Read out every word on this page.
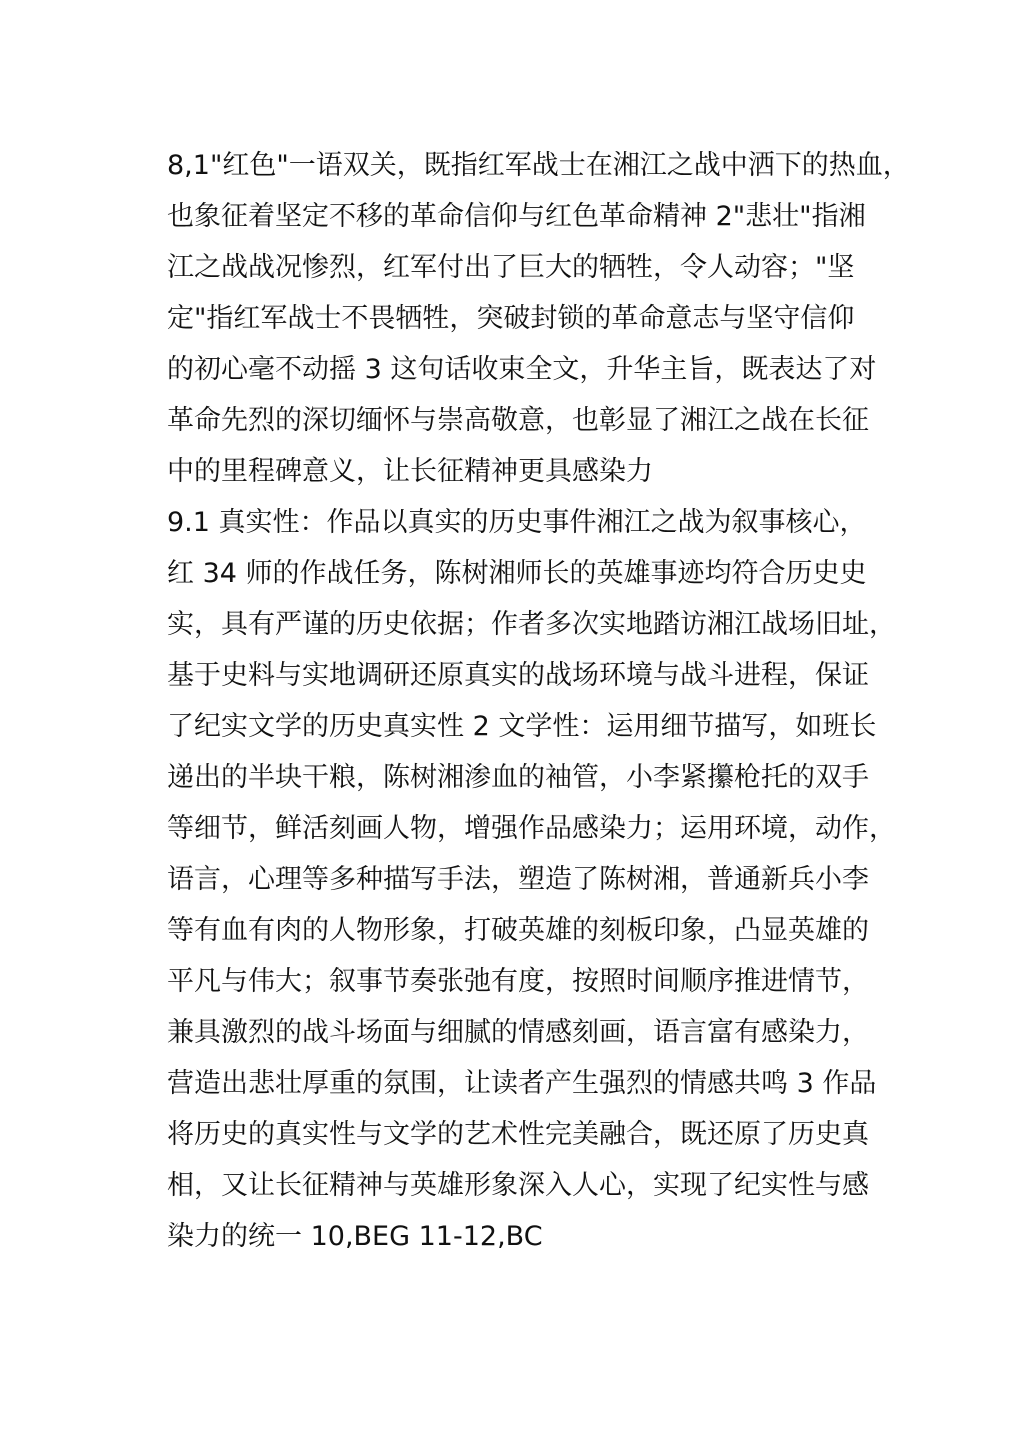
8,1"红色"一语双关，既指红军战士在湘江之战中洒下的热血，
也象征着坚定不移的革命信仰与红色革命精神 2"悲壮"指湘
江之战战况惨烈，红军付出了巨大的牺牲，令人动容；"坚
定"指红军战士不畏牺牲，突破封锁的革命意志与坚守信仰
的初心毫不动摇 3 这句话收束全文，升华主旨，既表达了对
革命先烈的深切缅怀与崇高敬意，也彰显了湘江之战在长征
中的里程碑意义，让长征精神更具感染力
9.1 真实性：作品以真实的历史事件湘江之战为叙事核心，
红 34 师的作战任务，陈树湘师长的英雄事迹均符合历史史
实，具有严谨的历史依据；作者多次实地踏访湘江战场旧址，
基于史料与实地调研还原真实的战场环境与战斗进程，保证
了纪实文学的历史真实性 2 文学性：运用细节描写，如班长
递出的半块干粮，陈树湘渗血的袖管，小李紧攥枪托的双手
等细节，鲜活刻画人物，增强作品感染力；运用环境，动作，
语言，心理等多种描写手法，塑造了陈树湘，普通新兵小李
等有血有肉的人物形象，打破英雄的刻板印象，凸显英雄的
平凡与伟大；叙事节奏张弛有度，按照时间顺序推进情节，
兼具激烈的战斗场面与细腻的情感刻画，语言富有感染力，
营造出悲壮厚重的氛围，让读者产生强烈的情感共鸣 3 作品
将历史的真实性与文学的艺术性完美融合，既还原了历史真
相，又让长征精神与英雄形象深入人心，实现了纪实性与感
染力的统一 10,BEG 11-12,BC
